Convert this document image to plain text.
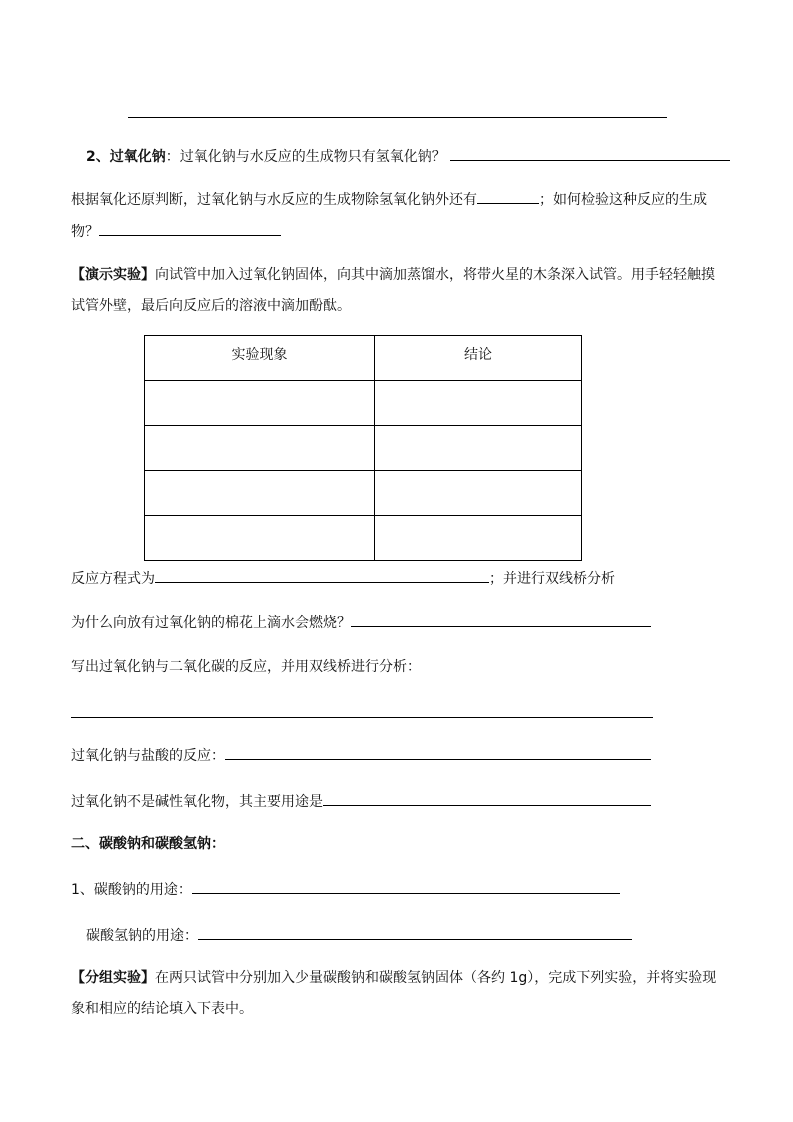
2、过氧化钠：过氧化钠与水反应的生成物只有氢氧化钠？
根据氧化还原判断，过氧化钠与水反应的生成物除氢氧化钠外还有	；如何检验这种反应的生成
物？
【演示实验】向试管中加入过氧化钠固体，向其中滴加蒸馏水，将带火星的木条深入试管。用手轻轻触摸
试管外壁，最后向反应后的溶液中滴加酚酞。
实验现象	结论

反应方程式为	；并进行双线桥分析
为什么向放有过氧化钠的棉花上滴水会燃烧？
写出过氧化钠与二氧化碳的反应，并用双线桥进行分析：
过氧化钠与盐酸的反应：
过氧化钠不是碱性氧化物，其主要用途是
二、碳酸钠和碳酸氢钠：
1、碳酸钠的用途：
碳酸氢钠的用途：
【分组实验】在两只试管中分别加入少量碳酸钠和碳酸氢钠固体（各约 1g），完成下列实验，并将实验现
象和相应的结论填入下表中。
